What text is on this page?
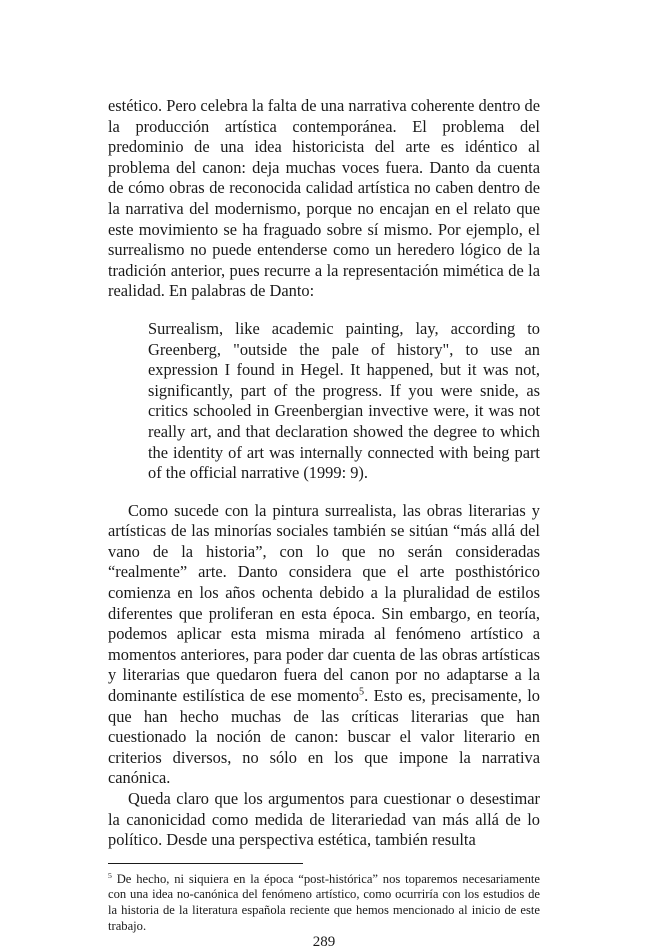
estético. Pero celebra la falta de una narrativa coherente dentro de la producción artística contemporánea. El problema del predominio de una idea historicista del arte es idéntico al problema del canon: deja muchas voces fuera. Danto da cuenta de cómo obras de reconocida calidad artística no caben dentro de la narrativa del modernismo, porque no encajan en el relato que este movimiento se ha fraguado sobre sí mismo. Por ejemplo, el surrealismo no puede entenderse como un heredero lógico de la tradición anterior, pues recurre a la representación mimética de la realidad. En palabras de Danto:

Surrealism, like academic painting, lay, according to Greenberg, "outside the pale of history", to use an expression I found in Hegel. It happened, but it was not, significantly, part of the progress. If you were snide, as critics schooled in Greenbergian invective were, it was not really art, and that declaration showed the degree to which the identity of art was internally connected with being part of the official narrative (1999: 9).

Como sucede con la pintura surrealista, las obras literarias y artísticas de las minorías sociales también se sitúan “más allá del vano de la historia”, con lo que no serán consideradas “realmente” arte. Danto considera que el arte posthistórico comienza en los años ochenta debido a la pluralidad de estilos diferentes que proliferan en esta época. Sin embargo, en teoría, podemos aplicar esta misma mirada al fenómeno artístico a momentos anteriores, para poder dar cuenta de las obras artísticas y literarias que quedaron fuera del canon por no adaptarse a la dominante estilística de ese momento$^5$. Esto es, precisamente, lo que han hecho muchas de las críticas literarias que han cuestionado la noción de canon: buscar el valor literario en criterios diversos, no sólo en los que impone la narrativa canónica.

Queda claro que los argumentos para cuestionar o desestimar la canonicidad como medida de literariedad van más allá de lo político. Desde una perspectiva estética, también resulta

$^5$ De hecho, ni siquiera en la época “post-histórica” nos toparemos necesariamente con una idea no-canónica del fenómeno artístico, como ocurriría con los estudios de la historia de la literatura española reciente que hemos mencionado al inicio de este trabajo.

289
